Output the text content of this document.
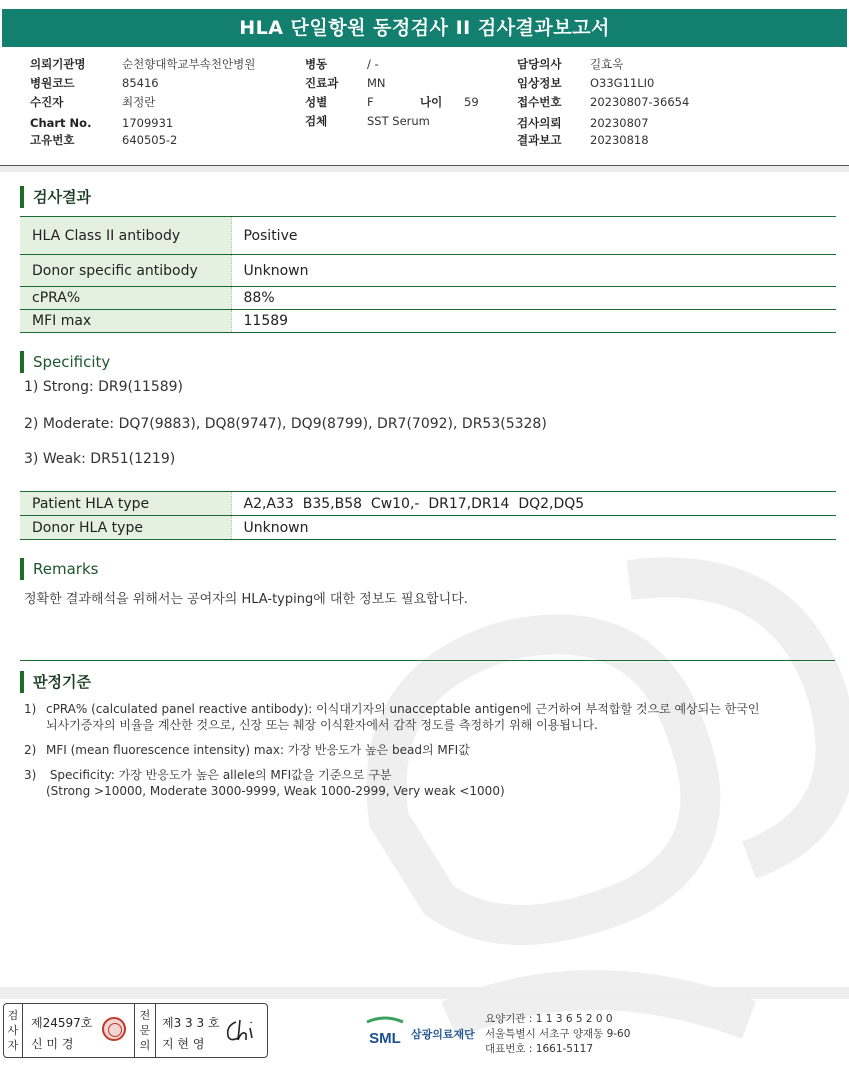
HLA 단일항원 동정검사 II 검사결과보고서
의뢰기관명	순천향대학교부속천안병원
병원코드	85416
수진자	최정란
Chart No.	1709931
고유번호	640505-2
병동	/ -
진료과 MN
성별	F	나이 59
검체	SST Serum
담당의사 길효욱
임상정보 O33G11LI0
접수번호 20230807-36654
검사의뢰 20230807
결과보고 20230818
검사결과
HLA Class II antibody	Positive
Donor specific antibody	Unknown
cPRA%	88%
MFI max	11589
Specificity
1) Strong: DR9(11589)
2) Moderate: DQ7(9883), DQ8(9747), DQ9(8799), DR7(7092), DR53(5328)
3) Weak: DR51(1219)
Patient HLA type	A2,A33  B35,B58  Cw10,-  DR17,DR14  DQ2,DQ5
Donor HLA type	Unknown
Remarks
정확한 결과해석을 위해서는 공여자의 HLA-typing에 대한 정보도 필요합니다.
판정기준
1) cPRA% (calculated panel reactive antibody): 이식대기자의 unacceptable antigen에 근거하여 부적합할 것으로 예상되는 한국인
뇌사기증자의 비율을 계산한 것으로, 신장 또는 췌장 이식환자에서 감작 정도를 측정하기 위해 이용됩니다.
2) MFI (mean fluorescence intensity) max: 가장 반응도가 높은 bead의 MFI값
3) Specificity: 가장 반응도가 높은 allele의 MFI값을 기준으로 구분
(Strong >10000, Moderate 3000-9999, Weak 1000-2999, Very weak <1000)
검
사
자
제24597호
신 미 경
전
문
의
제3 3 3 호
지 현 영	SML 삼광의료재단
요양기관 : 1 1 3 6 5 2 0 0
서울특별시 서초구 양재동 9-60
대표번호 : 1661-5117
